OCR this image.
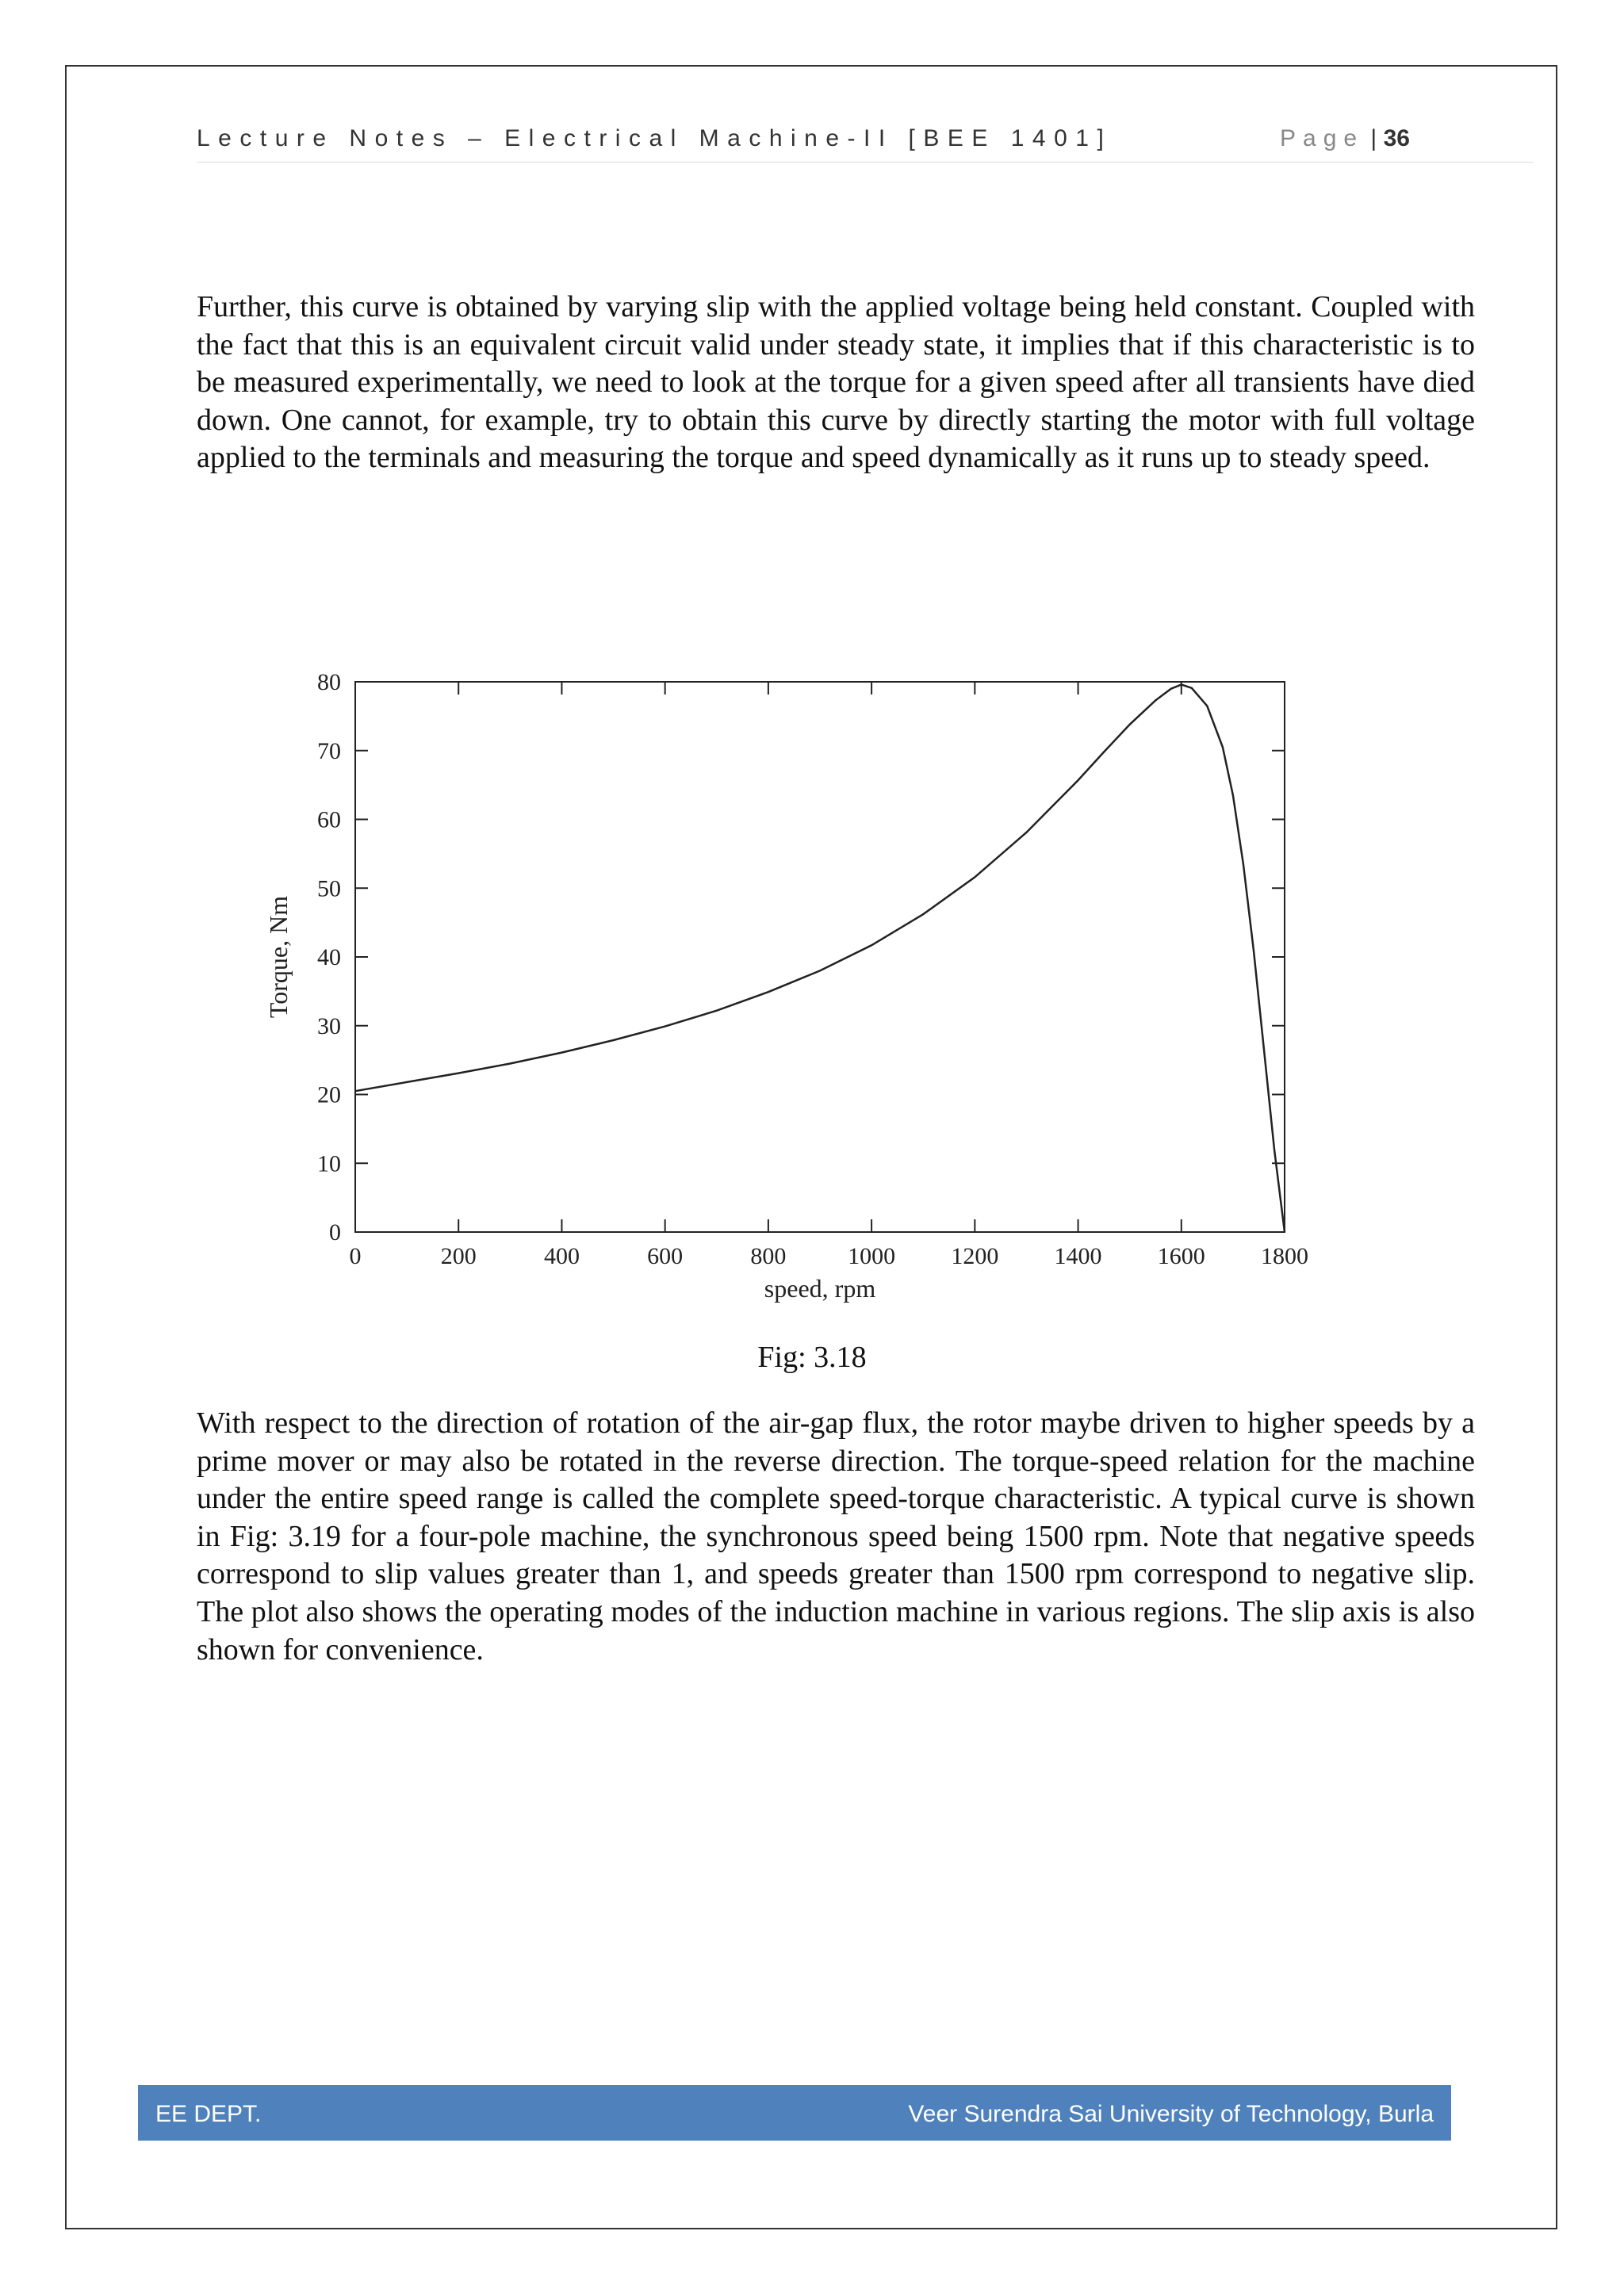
Lecture Notes – Electrical Machine-II [BEE 1401]	Page | 36

Further, this curve is obtained by varying slip with the applied voltage being held constant. Coupled with the fact that this is an equivalent circuit valid under steady state, it implies that if this characteristic is to be measured experimentally, we need to look at the torque for a given speed after all transients have died down. One cannot, for example, try to obtain this curve by directly starting the motor with full voltage applied to the terminals and measuring the torque and speed dynamically as it runs up to steady speed.

0	200	400	600	800	1000 1200 1400 1600 1800
0
10
20
30
40
50
60
70
80
speed, rpm
Torque, Nm
Fig: 3.18

With respect to the direction of rotation of the air-gap flux, the rotor maybe driven to higher speeds by a prime mover or may also be rotated in the reverse direction. The torque-speed relation for the machine under the entire speed range is called the complete speed-torque characteristic. A typical curve is shown in Fig: 3.19 for a four-pole machine, the synchronous speed being 1500 rpm. Note that negative speeds correspond to slip values greater than 1, and speeds greater than 1500 rpm correspond to negative slip. The plot also shows the operating modes of the induction machine in various regions. The slip axis is also shown for convenience.

EE DEPT.	Veer Surendra Sai University of Technology, Burla
